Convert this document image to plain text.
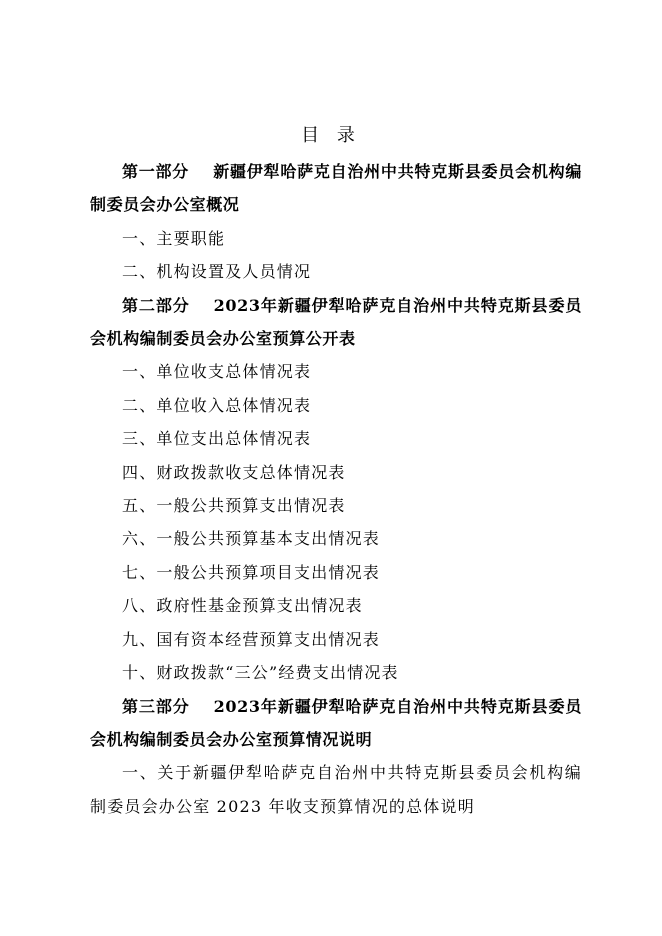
目 录
第一部分 新疆伊犁哈萨克自治州中共特克斯县委员会机构编制委员会办公室概况
一、主要职能
二、机构设置及人员情况
第二部分 2023年新疆伊犁哈萨克自治州中共特克斯县委员会机构编制委员会办公室预算公开表
一、单位收支总体情况表
二、单位收入总体情况表
三、单位支出总体情况表
四、财政拨款收支总体情况表
五、一般公共预算支出情况表
六、一般公共预算基本支出情况表
七、一般公共预算项目支出情况表
八、政府性基金预算支出情况表
九、国有资本经营预算支出情况表
十、财政拨款“三公”经费支出情况表
第三部分 2023年新疆伊犁哈萨克自治州中共特克斯县委员会机构编制委员会办公室预算情况说明
一、关于新疆伊犁哈萨克自治州中共特克斯县委员会机构编制委员会办公室 2023 年收支预算情况的总体说明
